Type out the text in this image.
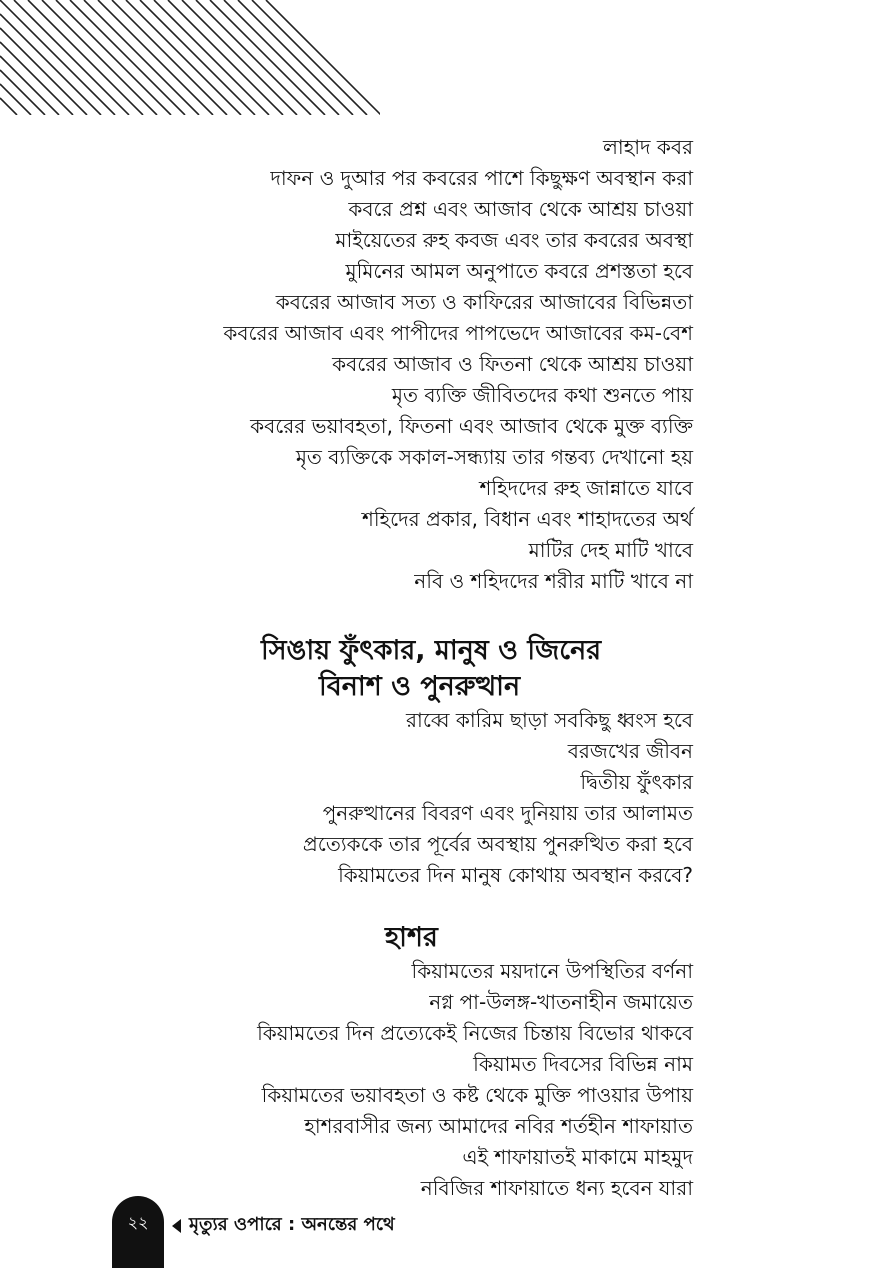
লাহাদ কবর
দাফন ও দুআর পর কবরের পাশে কিছুক্ষণ অবস্থান করা
কবরে প্রশ্ন এবং আজাব থেকে আশ্রয় চাওয়া
মাইয়েতের রুহ কবজ এবং তার কবরের অবস্থা
মুমিনের আমল অনুপাতে কবরে প্রশস্ততা হবে
কবরের আজাব সত্য ও কাফিরের আজাবের বিভিন্নতা
কবরের আজাব এবং পাপীদের পাপভেদে আজাবের কম-বেশ
কবরের আজাব ও ফিতনা থেকে আশ্রয় চাওয়া
মৃত ব্যক্তি জীবিতদের কথা শুনতে পায়
কবরের ভয়াবহতা, ফিতনা এবং আজাব থেকে মুক্ত ব্যক্তি
মৃত ব্যক্তিকে সকাল-সন্ধ্যায় তার গন্তব্য দেখানো হয়
শহিদদের রুহ জান্নাতে যাবে
শহিদের প্রকার, বিধান এবং শাহাদতের অর্থ
মাটির দেহ মাটি খাবে
নবি ও শহিদদের শরীর মাটি খাবে না
সিঙায় ফুঁৎকার, মানুষ ও জিনের
বিনাশ ও পুনরুত্থান
রাব্বে কারিম ছাড়া সবকিছু ধ্বংস হবে
বরজখের জীবন
দ্বিতীয় ফুঁৎকার
পুনরুত্থানের বিবরণ এবং দুনিয়ায় তার আলামত
প্রত্যেককে তার পূর্বের অবস্থায় পুনরুত্থিত করা হবে
কিয়ামতের দিন মানুষ কোথায় অবস্থান করবে?
হাশর
কিয়ামতের ময়দানে উপস্থিতির বর্ণনা
নগ্ন পা-উলঙ্গ-খাতনাহীন জমায়েত
কিয়ামতের দিন প্রত্যেকেই নিজের চিন্তায় বিভোর থাকবে
কিয়ামত দিবসের বিভিন্ন নাম
কিয়ামতের ভয়াবহতা ও কষ্ট থেকে মুক্তি পাওয়ার উপায়
হাশরবাসীর জন্য আমাদের নবির শর্তহীন শাফায়াত
এই শাফায়াতই মাকামে মাহমুদ
নবিজির শাফায়াতে ধন্য হবেন যারা
২২ মৃত্যুর ওপারে : অনন্তের পথে
